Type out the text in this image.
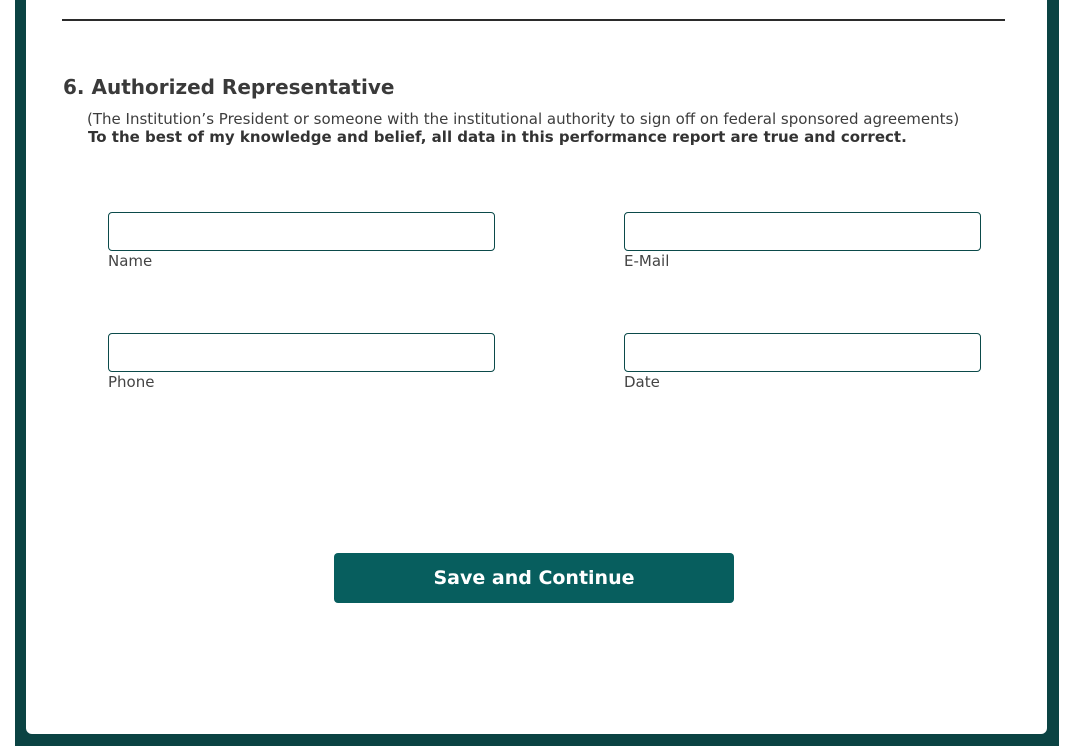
6. Authorized Representative

(The Institution’s President or someone with the institutional authority to sign off on federal sponsored agreements)

To the best of my knowledge and belief, all data in this performance report are true and correct.

Name	E-Mail
Phone	Date
Save and Continue
